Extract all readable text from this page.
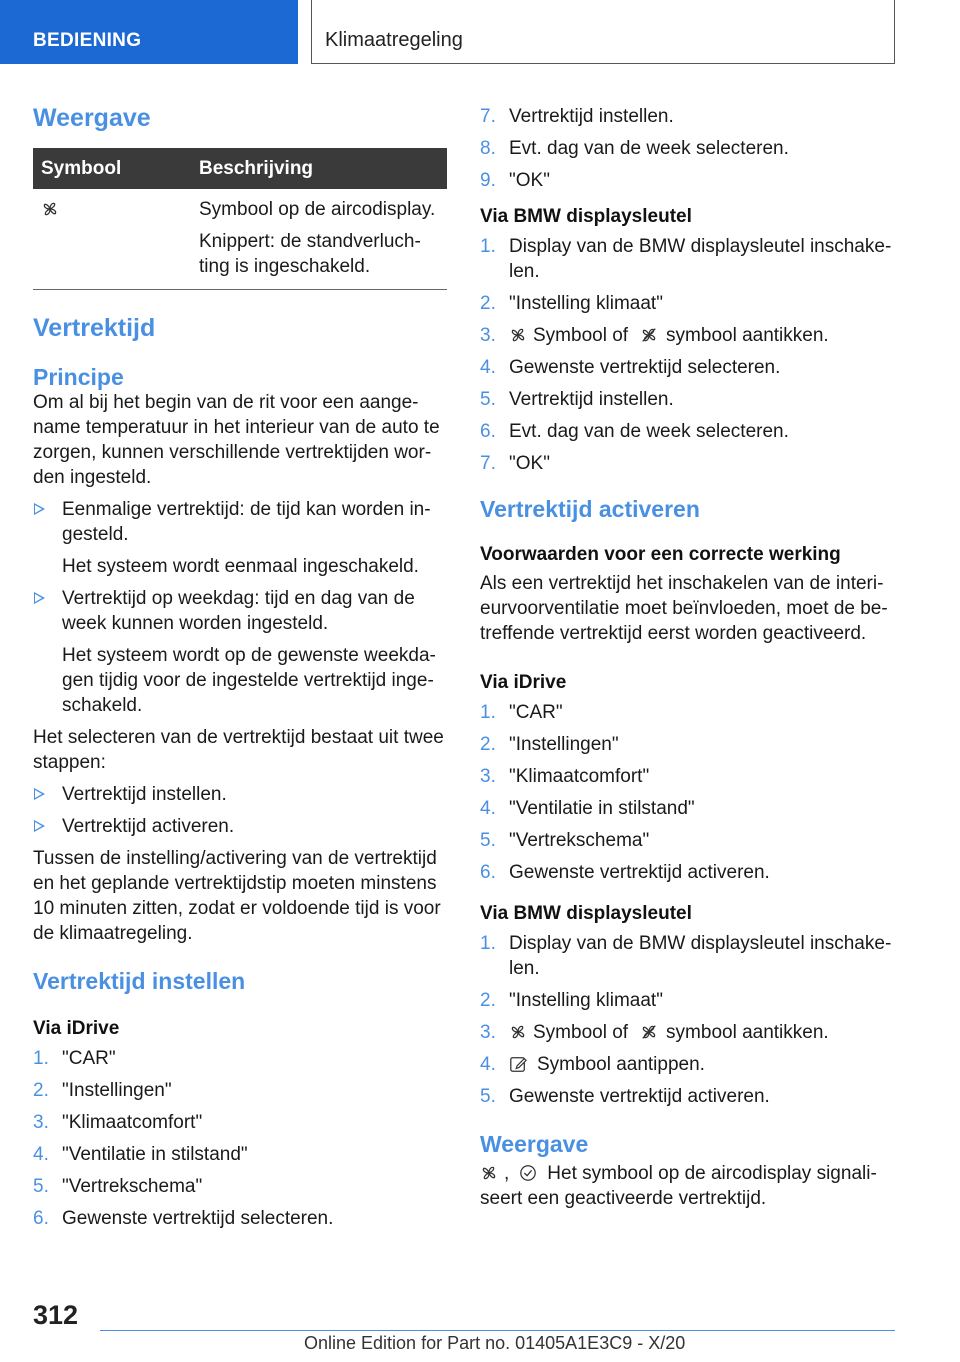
BEDIENING	Klimaatregeling
Weergave
Symbool	Beschrijving

Symbool op de aircodisplay.

Knippert: de standverluch-
ting is ingeschakeld.

Vertrektijd
Principe

Om al bij het begin van de rit voor een aange-name temperatuur in het interieur van de auto te zorgen, kunnen verschillende vertrektijden wor-den ingesteld.

Eenmalige vertrektijd: de tijd kan worden in-gesteld.

Het systeem wordt eenmaal ingeschakeld.

Vertrektijd op weekdag: tijd en dag van de week kunnen worden ingesteld.

Het systeem wordt op de gewenste weekda-gen tijdig voor de ingestelde vertrektijd inge-schakeld.

Het selecteren van de vertrektijd bestaat uit twee stappen:

Vertrektijd instellen.
Vertrektijd activeren.

Tussen de instelling/activering van de vertrektijd en het geplande vertrektijdstip moeten minstens 10 minuten zitten, zodat er voldoende tijd is voor de klimaatregeling.

Vertrektijd instellen
Via iDrive
1. "CAR"
2. "Instellingen"
3. "Klimaatcomfort"
4. "Ventilatie in stilstand"
5. "Vertrekschema"
6. Gewenste vertrektijd selecteren.
7. Vertrektijd instellen.
8. Evt. dag van de week selecteren.
9. "OK"
Via BMW displaysleutel
1. Display van de BMW displaysleutel inschake-len.
2. "Instelling klimaat"
3. Symbool of symbool aantikken.
4. Gewenste vertrektijd selecteren.
5. Vertrektijd instellen.
6. Evt. dag van de week selecteren.
7. "OK"
Vertrektijd activeren
Voorwaarden voor een correcte werking

Als een vertrektijd het inschakelen van de interi-eurvoorventilatie moet beïnvloeden, moet de be-treffende vertrektijd eerst worden geactiveerd.

Via iDrive
1. "CAR"
2. "Instellingen"
3. "Klimaatcomfort"
4. "Ventilatie in stilstand"
5. "Vertrekschema"
6. Gewenste vertrektijd activeren.
Via BMW displaysleutel
1. Display van de BMW displaysleutel inschake-len.
2. "Instelling klimaat"
3. Symbool of symbool aantikken.
4. Symbool aantippen.
5. Gewenste vertrektijd activeren.
Weergave

, Het symbool op de aircodisplay signali-seert een geactiveerde vertrektijd.

312
Online Edition for Part no. 01405A1E3C9 - X/20
